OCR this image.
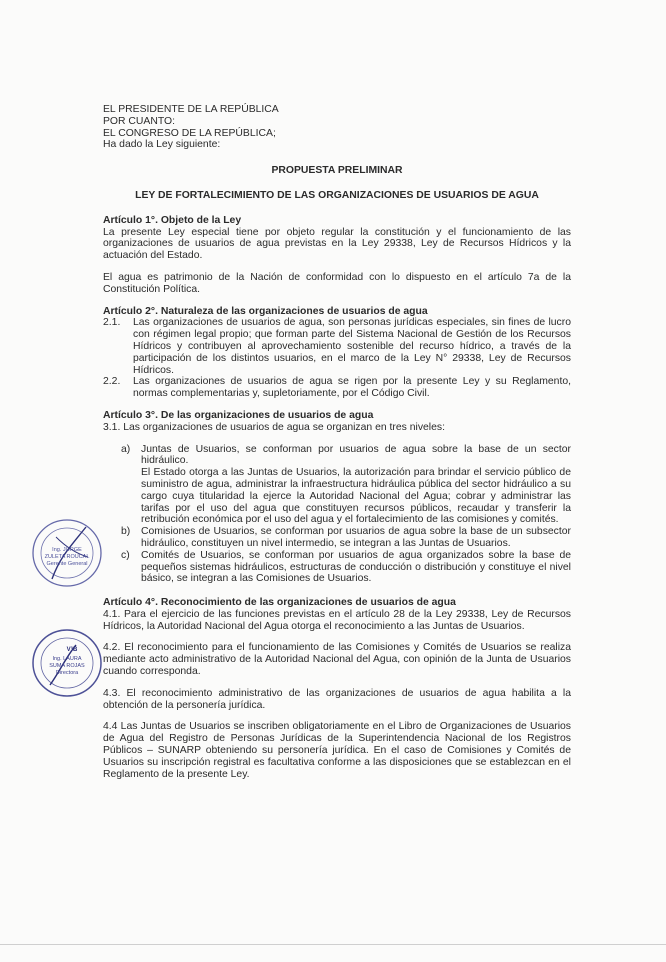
Ing. JORGE
ZULETA ROUCAL
Gerente General
V°B
Ing. LAURA
SUMA ROJAS
Directora

EL PRESIDENTE DE LA REPÚBLICA

POR CUANTO:

EL CONGRESO DE LA REPÚBLICA;

Ha dado la Ley siguiente:

PROPUESTA PRELIMINAR

LEY DE FORTALECIMIENTO DE LAS ORGANIZACIONES DE USUARIOS DE AGUA

Artículo 1°. Objeto de la Ley

La presente Ley especial tiene por objeto regular la constitución y el funcionamiento de las organizaciones de usuarios de agua previstas en la Ley 29338, Ley de Recursos Hídricos y la actuación del Estado.

El agua es patrimonio de la Nación de conformidad con lo dispuesto en el artículo 7a de la Constitución Política.

Artículo 2°. Naturaleza de las organizaciones de usuarios de agua

2.1.	Las organizaciones de usuarios de agua, son personas jurídicas especiales, sin fines de lucro con régimen legal propio; que forman parte del Sistema Nacional de Gestión de los Recursos Hídricos y contribuyen al aprovechamiento sostenible del recurso hídrico, a través de la participación de los distintos usuarios, en el marco de la Ley N° 29338, Ley de Recursos Hídricos.
2.2.	Las organizaciones de usuarios de agua se rigen por la presente Ley y su Reglamento, normas complementarias y, supletoriamente, por el Código Civil.

Artículo 3°. De las organizaciones de usuarios de agua

3.1. Las organizaciones de usuarios de agua se organizan en tres niveles:

a)	Juntas de Usuarios, se conforman por usuarios de agua sobre la base de un sector hidráulico.

El Estado otorga a las Juntas de Usuarios, la autorización para brindar el servicio público de suministro de agua, administrar la infraestructura hidráulica pública del sector hidráulico a su cargo cuya titularidad la ejerce la Autoridad Nacional del Agua; cobrar y administrar las tarifas por el uso del agua que constituyen recursos públicos, recaudar y transferir la retribución económica por el uso del agua y el fortalecimiento de las comisiones y comités.

b)	Comisiones de Usuarios, se conforman por usuarios de agua sobre la base de un subsector hidráulico, constituyen un nivel intermedio, se integran a las Juntas de Usuarios.
c)	Comités de Usuarios, se conforman por usuarios de agua organizados sobre la base de pequeños sistemas hidráulicos, estructuras de conducción o distribución y constituye el nivel básico, se integran a las Comisiones de Usuarios.

Artículo 4°. Reconocimiento de las organizaciones de usuarios de agua

4.1. Para el ejercicio de las funciones previstas en el artículo 28 de la Ley 29338, Ley de Recursos Hídricos, la Autoridad Nacional del Agua otorga el reconocimiento a las Juntas de Usuarios.

4.2. El reconocimiento para el funcionamiento de las Comisiones y Comités de Usuarios se realiza mediante acto administrativo de la Autoridad Nacional del Agua, con opinión de la Junta de Usuarios cuando corresponda.

4.3. El reconocimiento administrativo de las organizaciones de usuarios de agua habilita a la obtención de la personería jurídica.

4.4 Las Juntas de Usuarios se inscriben obligatoriamente en el Libro de Organizaciones de Usuarios de Agua del Registro de Personas Jurídicas de la Superintendencia Nacional de los Registros Públicos – SUNARP obteniendo su personería jurídica. En el caso de Comisiones y Comités de Usuarios su inscripción registral es facultativa conforme a las disposiciones que se establezcan en el Reglamento de la presente Ley.
